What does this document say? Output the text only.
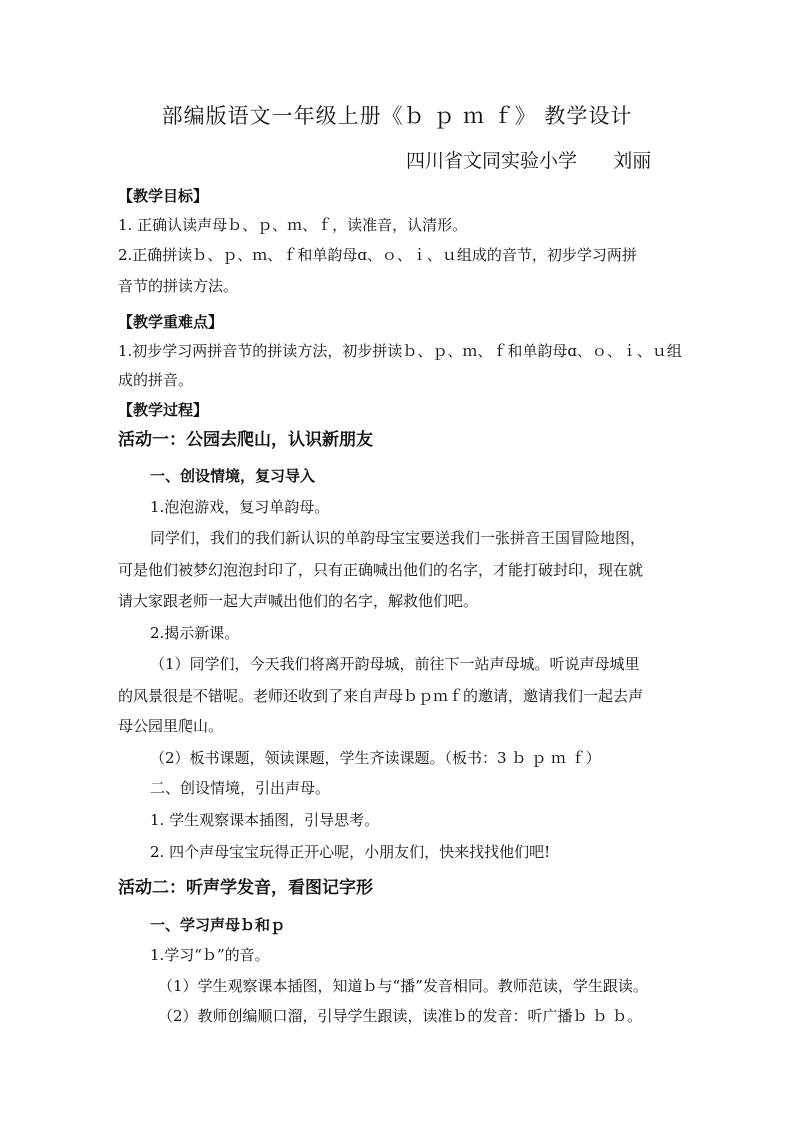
部编版语文一年级上册《ｂ ｐ ｍ ｆ》 教学设计
四川省文同实验小学      刘丽
【教学目标】
1. 正确认读声母ｂ、ｐ、ｍ、ｆ，读准音，认清形。
2.正确拼读ｂ、ｐ、ｍ、ｆ和单韵母ɑ、ｏ、ｉ、ｕ组成的音节，初步学习两拼
音节的拼读方法。
【教学重难点】
1.初步学习两拼音节的拼读方法，初步拼读ｂ、ｐ、ｍ、ｆ和单韵母ɑ、ｏ、ｉ、ｕ组
成的拼音。
【教学过程】
活动一：公园去爬山，认识新朋友
一、创设情境，复习导入
1.泡泡游戏，复习单韵母。
同学们，我们的我们新认识的单韵母宝宝要送我们一张拼音王国冒险地图，
可是他们被梦幻泡泡封印了，只有正确喊出他们的名字，才能打破封印，现在就
请大家跟老师一起大声喊出他们的名字，解救他们吧。
2.揭示新课。
（1）同学们，今天我们将离开韵母城，前往下一站声母城。听说声母城里
的风景很是不错呢。老师还收到了来自声母ｂｐｍｆ的邀请，邀请我们一起去声
母公园里爬山。
（2）板书课题，领读课题，学生齐读课题。（板书：3 ｂ ｐ ｍ ｆ）
二、创设情境，引出声母。
1. 学生观察课本插图，引导思考。
2. 四个声母宝宝玩得正开心呢，小朋友们，快来找找他们吧!
活动二：听声学发音，看图记字形
一、学习声母ｂ和ｐ
1.学习“ｂ”的音。
（1）学生观察课本插图，知道ｂ与“播”发音相同。教师范读，学生跟读。
（2）教师创编顺口溜，引导学生跟读，读准ｂ的发音：听广播ｂ ｂ ｂ。
